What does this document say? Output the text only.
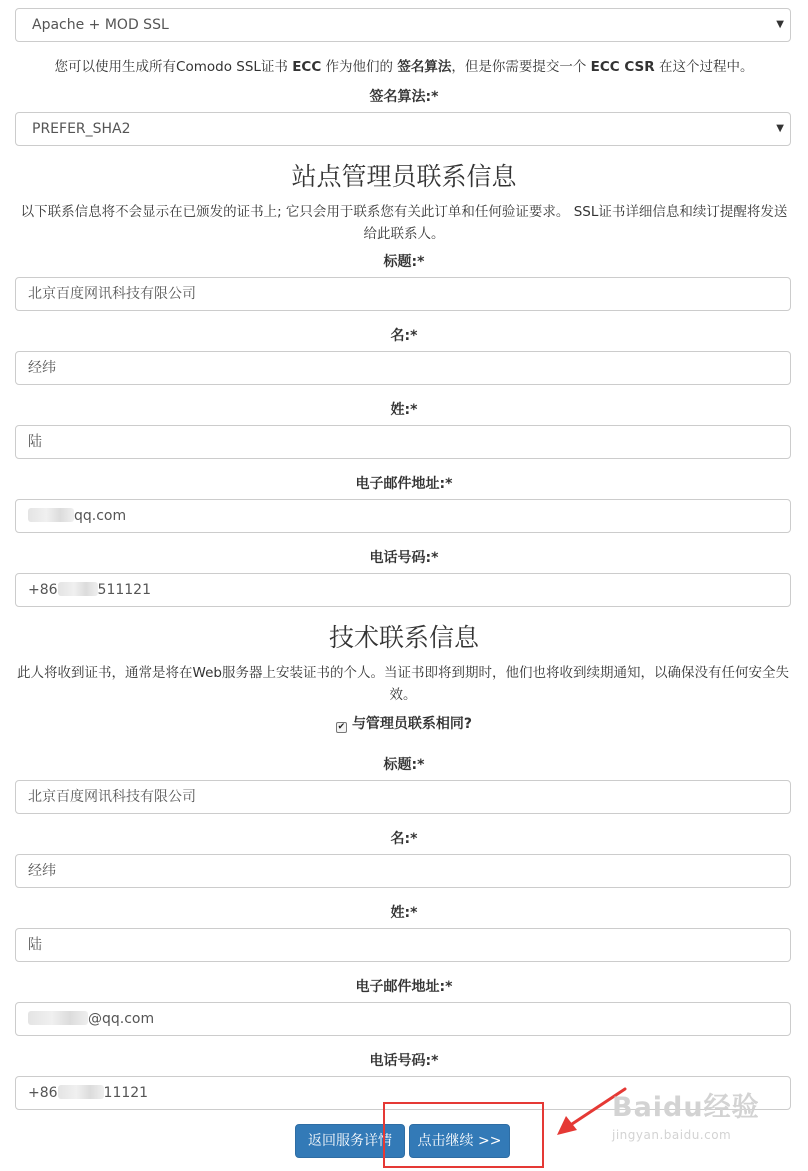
Apache + MOD SSL	▼
您可以使用生成所有Comodo SSL证书 ECC 作为他们的 签名算法，但是你需要提交一个 ECC CSR 在这个过程中。
签名算法:*
PREFER_SHA2	▼
站点管理员联系信息
以下联系信息将不会显示在已颁发的证书上; 它只会用于联系您有关此订单和任何验证要求。 SSL证书详细信息和续订提醒将发送给此联系人。
标题:*
北京百度网讯科技有限公司
名:*
经纬
姓:*
陆
电子邮件地址:*
qq.com
电话号码:*
+86	511121
技术联系信息
此人将收到证书，通常是将在Web服务器上安装证书的个人。当证书即将到期时，他们也将收到续期通知，以确保没有任何安全失效。
✔ 与管理员联系相同?
标题:*
北京百度网讯科技有限公司
名:*
经纬
姓:*
陆
电子邮件地址:*
@qq.com
电话号码:*
+86	11121
返回服务详情	点击继续 >>
Baidu经验
jingyan.baidu.com
